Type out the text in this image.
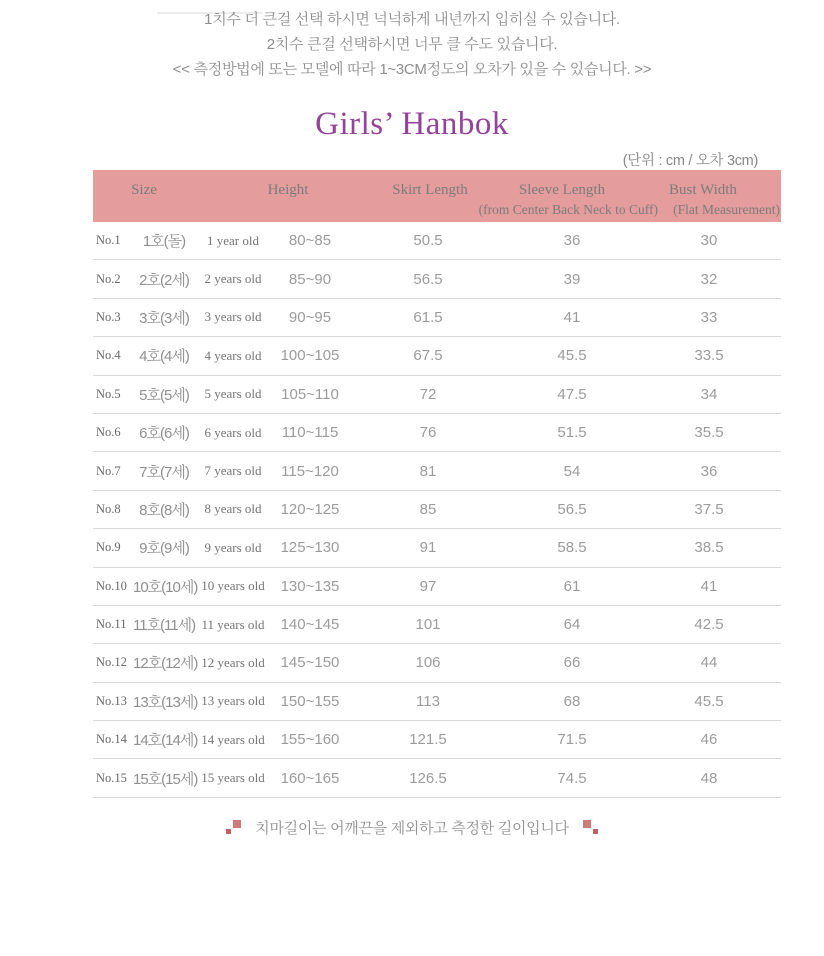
1치수 더 큰걸 선택 하시면 넉넉하게 내년까지 입히실 수 있습니다.
2치수 큰걸 선택하시면 너무 클 수도 있습니다.
<< 측정방법에 또는 모델에 따라 1~3CM정도의 오차가 있을 수 있습니다. >>
Girls’ Hanbok
(단위 : cm / 오차 3cm)
Size	Height	Skirt Length	Sleeve Length	Bust Width
(from Center Back Neck to Cuff) (Flat Measurement)
No.1	1호(돌)	1 year old	80~85	50.5	36	30
No.2	2호(2세)	2 years old	85~90	56.5	39	32
No.3	3호(3세)	3 years old	90~95	61.5	41	33
No.4	4호(4세)	4 years old	100~105	67.5	45.5	33.5
No.5	5호(5세)	5 years old	105~110	72	47.5	34
No.6	6호(6세)	6 years old	110~115	76	51.5	35.5
No.7	7호(7세)	7 years old	115~120	81	54	36
No.8	8호(8세)	8 years old	120~125	85	56.5	37.5
No.9	9호(9세)	9 years old	125~130	91	58.5	38.5
No.10 10호(10세) 10 years old	130~135	97	61	41
No.11 11호(11세) 11 years old	140~145	101	64	42.5
No.12 12호(12세) 12 years old	145~150	106	66	44
No.13 13호(13세) 13 years old	150~155	113	68	45.5
No.14 14호(14세) 14 years old	155~160	121.5	71.5	46
No.15 15호(15세) 15 years old	160~165	126.5	74.5	48
치마길이는 어깨끈을 제외하고 측정한 길이입니다
